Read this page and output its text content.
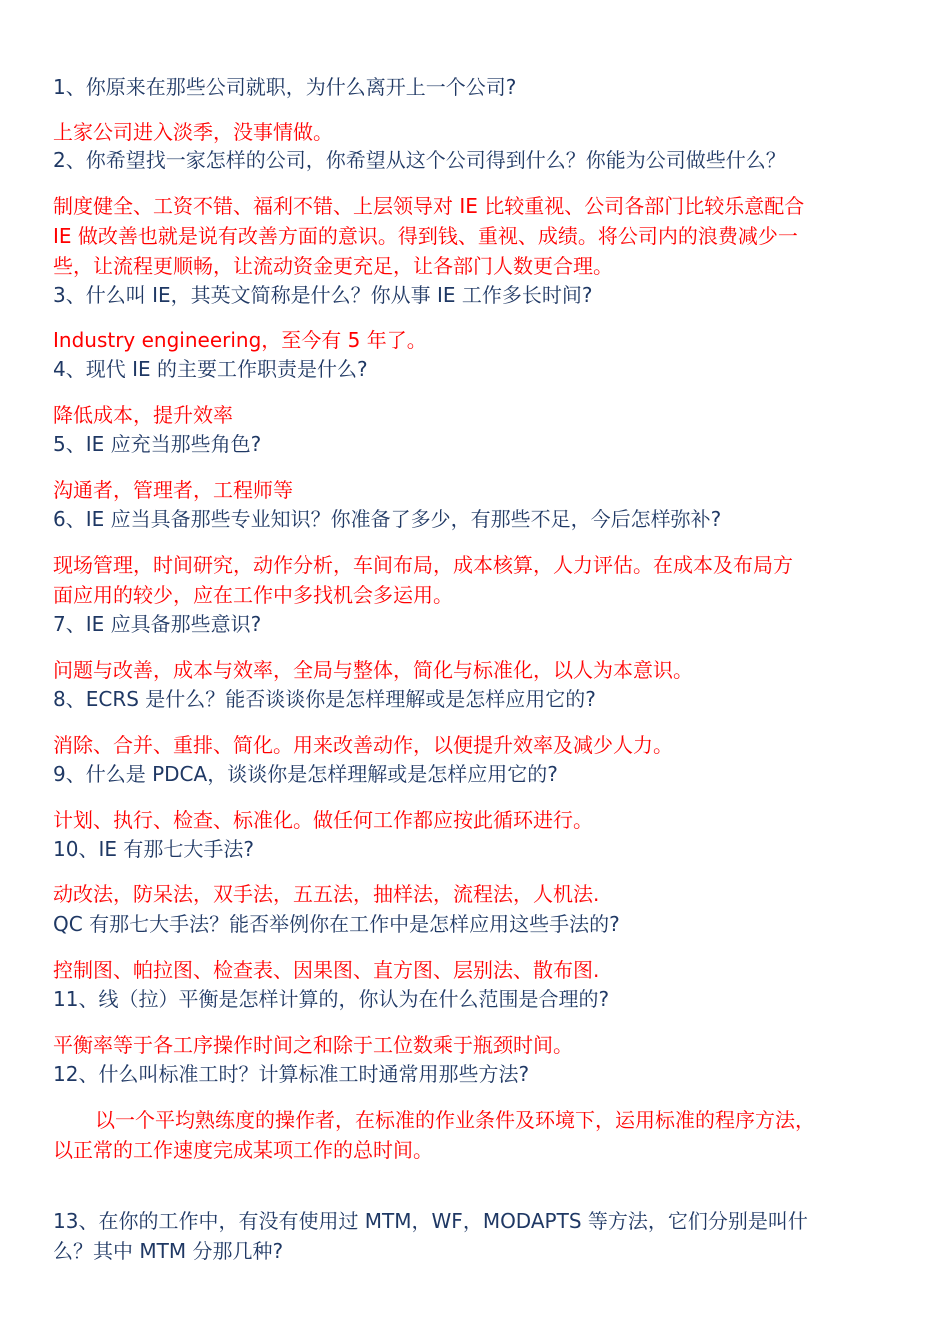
1、你原来在那些公司就职，为什么离开上一个公司?
上家公司进入淡季，没事情做。
2、你希望找一家怎样的公司，你希望从这个公司得到什么？你能为公司做些什么？
制度健全、工资不错、福利不错、上层领导对 IE 比较重视、公司各部门比较乐意配合
IE 做改善也就是说有改善方面的意识。得到钱、重视、成绩。将公司内的浪费减少一
些，让流程更顺畅，让流动资金更充足，让各部门人数更合理。
3、什么叫 IE，其英文简称是什么？你从事 IE 工作多长时间?
Industry engineering，至今有 5 年了。
4、现代 IE 的主要工作职责是什么?
降低成本，提升效率
5、IE 应充当那些角色?
沟通者，管理者，工程师等
6、IE 应当具备那些专业知识？你准备了多少，有那些不足，今后怎样弥补?
现场管理，时间研究，动作分析，车间布局，成本核算，人力评估。在成本及布局方
面应用的较少，应在工作中多找机会多运用。
7、IE 应具备那些意识?
问题与改善，成本与效率，全局与整体，简化与标准化，以人为本意识。
8、ECRS 是什么？能否谈谈你是怎样理解或是怎样应用它的?
消除、合并、重排、简化。用来改善动作，以便提升效率及减少人力。
9、什么是 PDCA，谈谈你是怎样理解或是怎样应用它的?
计划、执行、检查、标准化。做任何工作都应按此循环进行。
10、IE 有那七大手法?
动改法，防呆法，双手法，五五法，抽样法，流程法，人机法.
QC 有那七大手法？能否举例你在工作中是怎样应用这些手法的?
控制图、帕拉图、检查表、因果图、直方图、层别法、散布图.
11、线（拉）平衡是怎样计算的，你认为在什么范围是合理的?
平衡率等于各工序操作时间之和除于工位数乘于瓶颈时间。
12、什么叫标准工时？计算标准工时通常用那些方法?
以一个平均熟练度的操作者，在标准的作业条件及环境下，运用标准的程序方法，
以正常的工作速度完成某项工作的总时间。
13、在你的工作中，有没有使用过 MTM，WF，MODAPTS 等方法，它们分别是叫什
么？其中 MTM 分那几种?
